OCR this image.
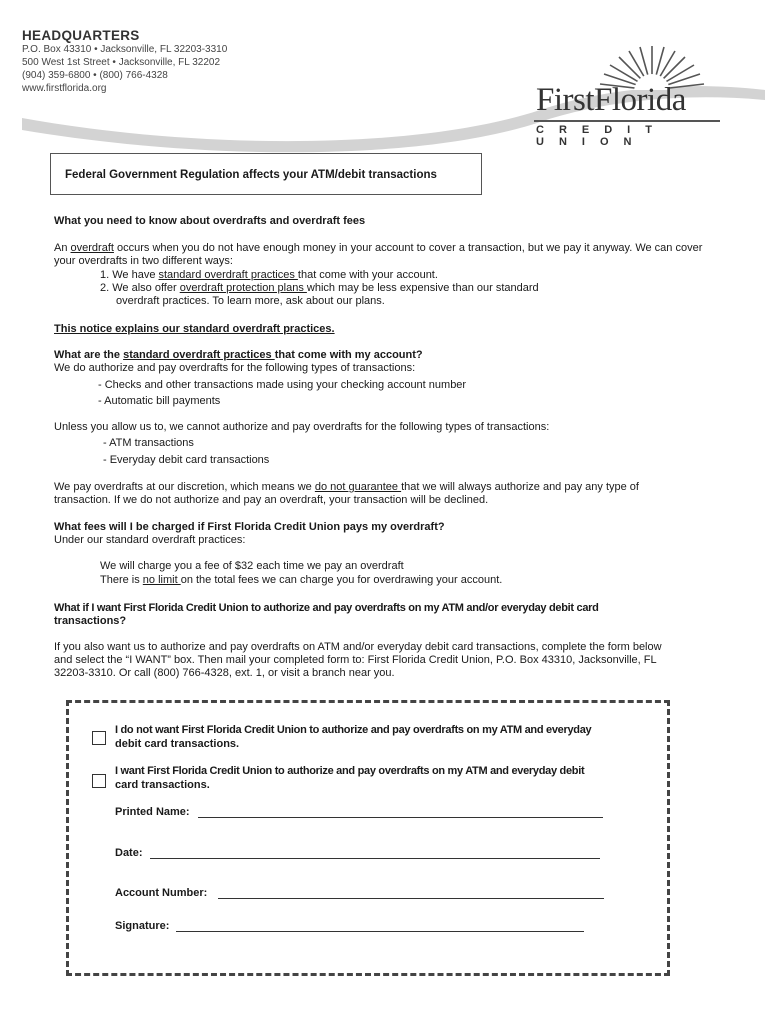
HEADQUARTERS
P.O. Box 43310 • Jacksonville, FL 32203-3310
500 West 1st Street • Jacksonville, FL 32202
(904) 359-6800 • (800) 766-4328
www.firstflorida.org	FirstFlorida
CREDIT UNION
Federal Government Regulation affects your ATM/debit transactions
What you need to know about overdrafts and overdraft fees
An overdraft occurs when you do not have enough money in your account to cover a transaction, but we pay it anyway. We can cover
your overdrafts in two different ways:
1. We have standard overdraft practices that come with your account.
2. We also offer overdraft protection plans which may be less expensive than our standard
overdraft practices. To learn more, ask about our plans.
This notice explains our standard overdraft practices.
What are the standard overdraft practices that come with my account?
We do authorize and pay overdrafts for the following types of transactions:
- Checks and other transactions made using your checking account number
- Automatic bill payments
Unless you allow us to, we cannot authorize and pay overdrafts for the following types of transactions:
- ATM transactions
- Everyday debit card transactions
We pay overdrafts at our discretion, which means we do not guarantee that we will always authorize and pay any type of
transaction. If we do not authorize and pay an overdraft, your transaction will be declined.
What fees will I be charged if First Florida Credit Union pays my overdraft?
Under our standard overdraft practices:
We will charge you a fee of $32 each time we pay an overdraft
There is no limit on the total fees we can charge you for overdrawing your account.
What if I want First Florida Credit Union to authorize and pay overdrafts on my ATM and/or everyday debit card
transactions?
If you also want us to authorize and pay overdrafts on ATM and/or everyday debit card transactions, complete the form below
and select the “I WANT” box. Then mail your completed form to: First Florida Credit Union, P.O. Box 43310, Jacksonville, FL
32203-3310. Or call (800) 766-4328, ext. 1, or visit a branch near you.
I do not want First Florida Credit Union to authorize and pay overdrafts on my ATM and everyday
debit card transactions.
I want First Florida Credit Union to authorize and pay overdrafts on my ATM and everyday debit
card transactions.
Printed Name:
Date:
Account Number:
Signature:
